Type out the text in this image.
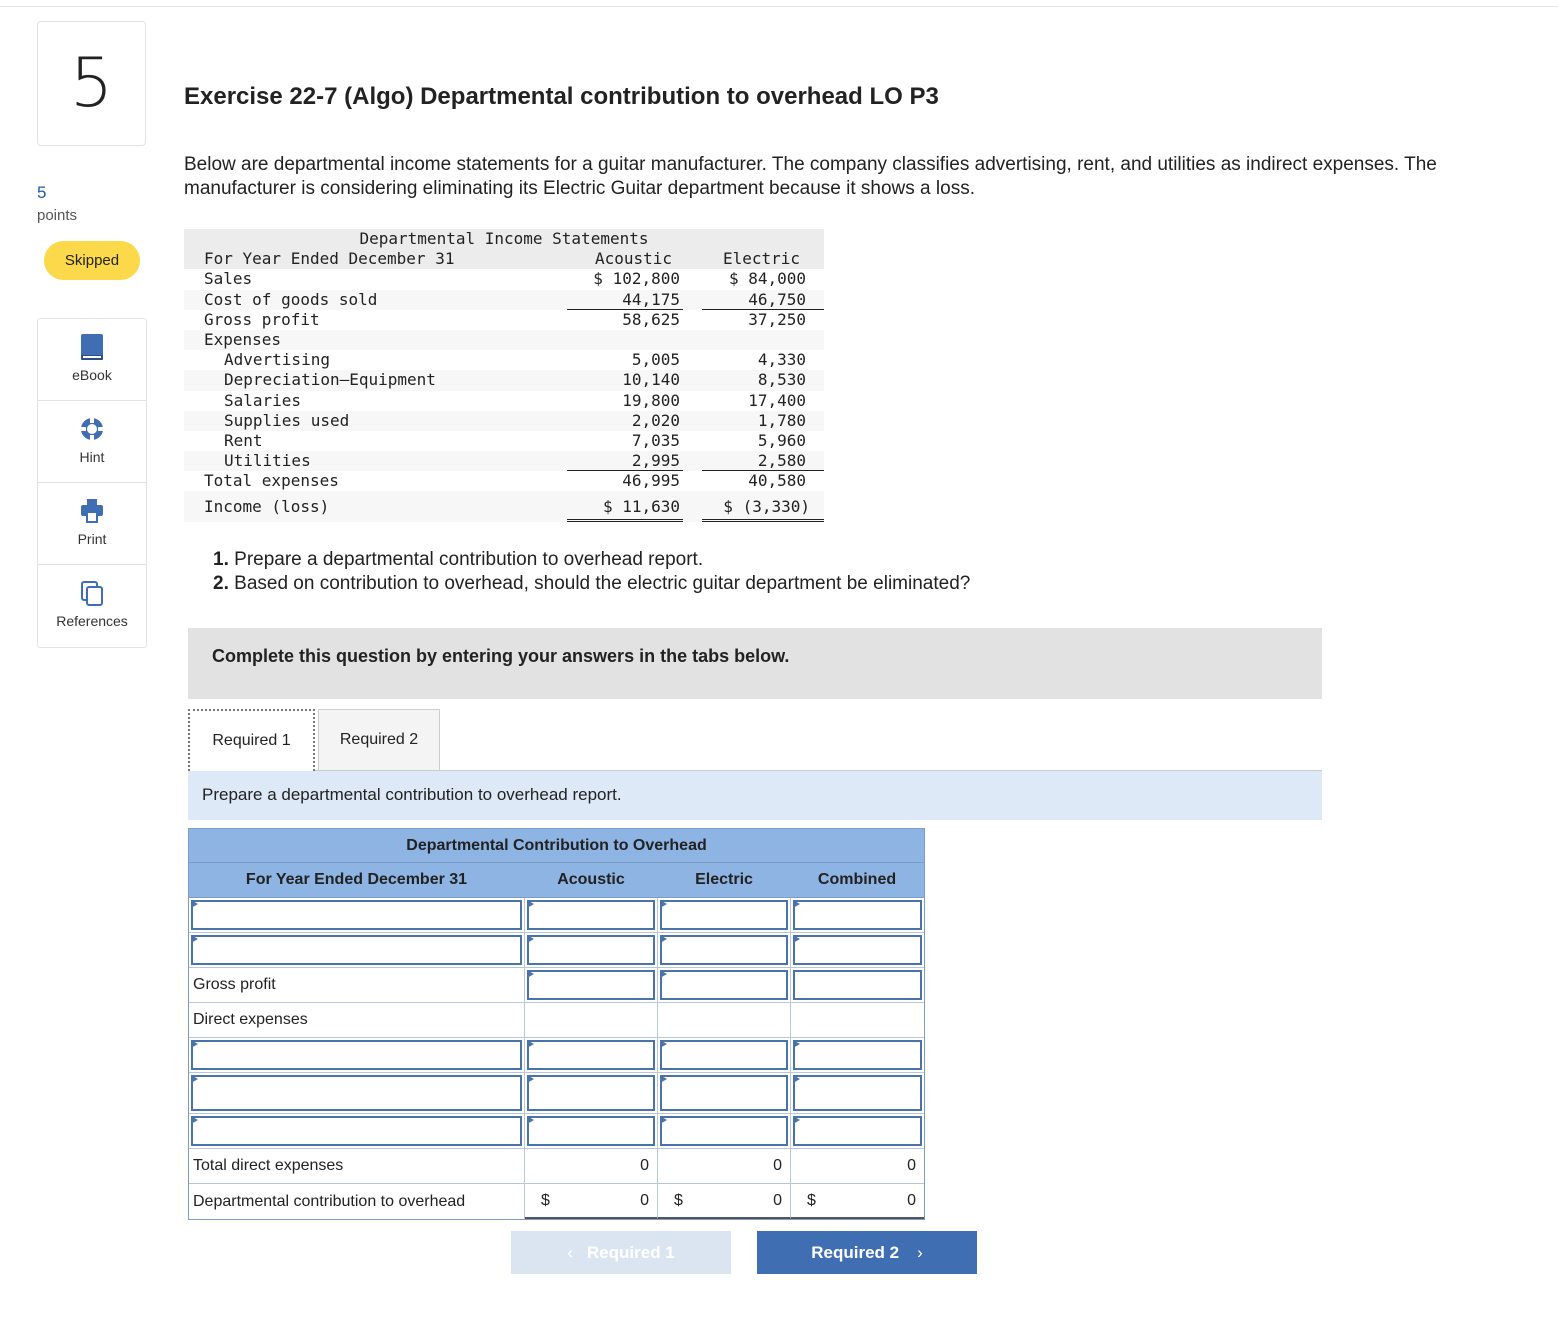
5
5
points
Skipped
eBook
Hint
Print
References
Exercise 22-7 (Algo) Departmental contribution to overhead LO P3
Below are departmental income statements for a guitar manufacturer. The company classifies advertising, rent, and utilities as indirect expenses. The manufacturer is considering eliminating its Electric Guitar department because it shows a loss.
Departmental Income Statements
For Year Ended December 31	Acoustic	Electric
Sales	$ 102,800	$ 84,000
Cost of goods sold	44,175	46,750
Gross profit	58,625	37,250
Expenses
Advertising	5,005	4,330
Depreciation—Equipment	10,140	8,530
Salaries	19,800	17,400
Supplies used	2,020	1,780
Rent	7,035	5,960
Utilities	2,995	2,580
Total expenses	46,995	40,580
Income (loss)	$ 11,630	$ (3,330)
1. Prepare a departmental contribution to overhead report.
2. Based on contribution to overhead, should the electric guitar department be eliminated?
Complete this question by entering your answers in the tabs below.
Required 1	Required 2
Prepare a departmental contribution to overhead report.
Departmental Contribution to Overhead
For Year Ended December 31	Acoustic	Electric	Combined
Gross profit
Direct expenses
Total direct expenses	0	0	0
Departmental contribution to overhead	$	0 $	0 $	0
‹ Required 1	Required 2 ›
